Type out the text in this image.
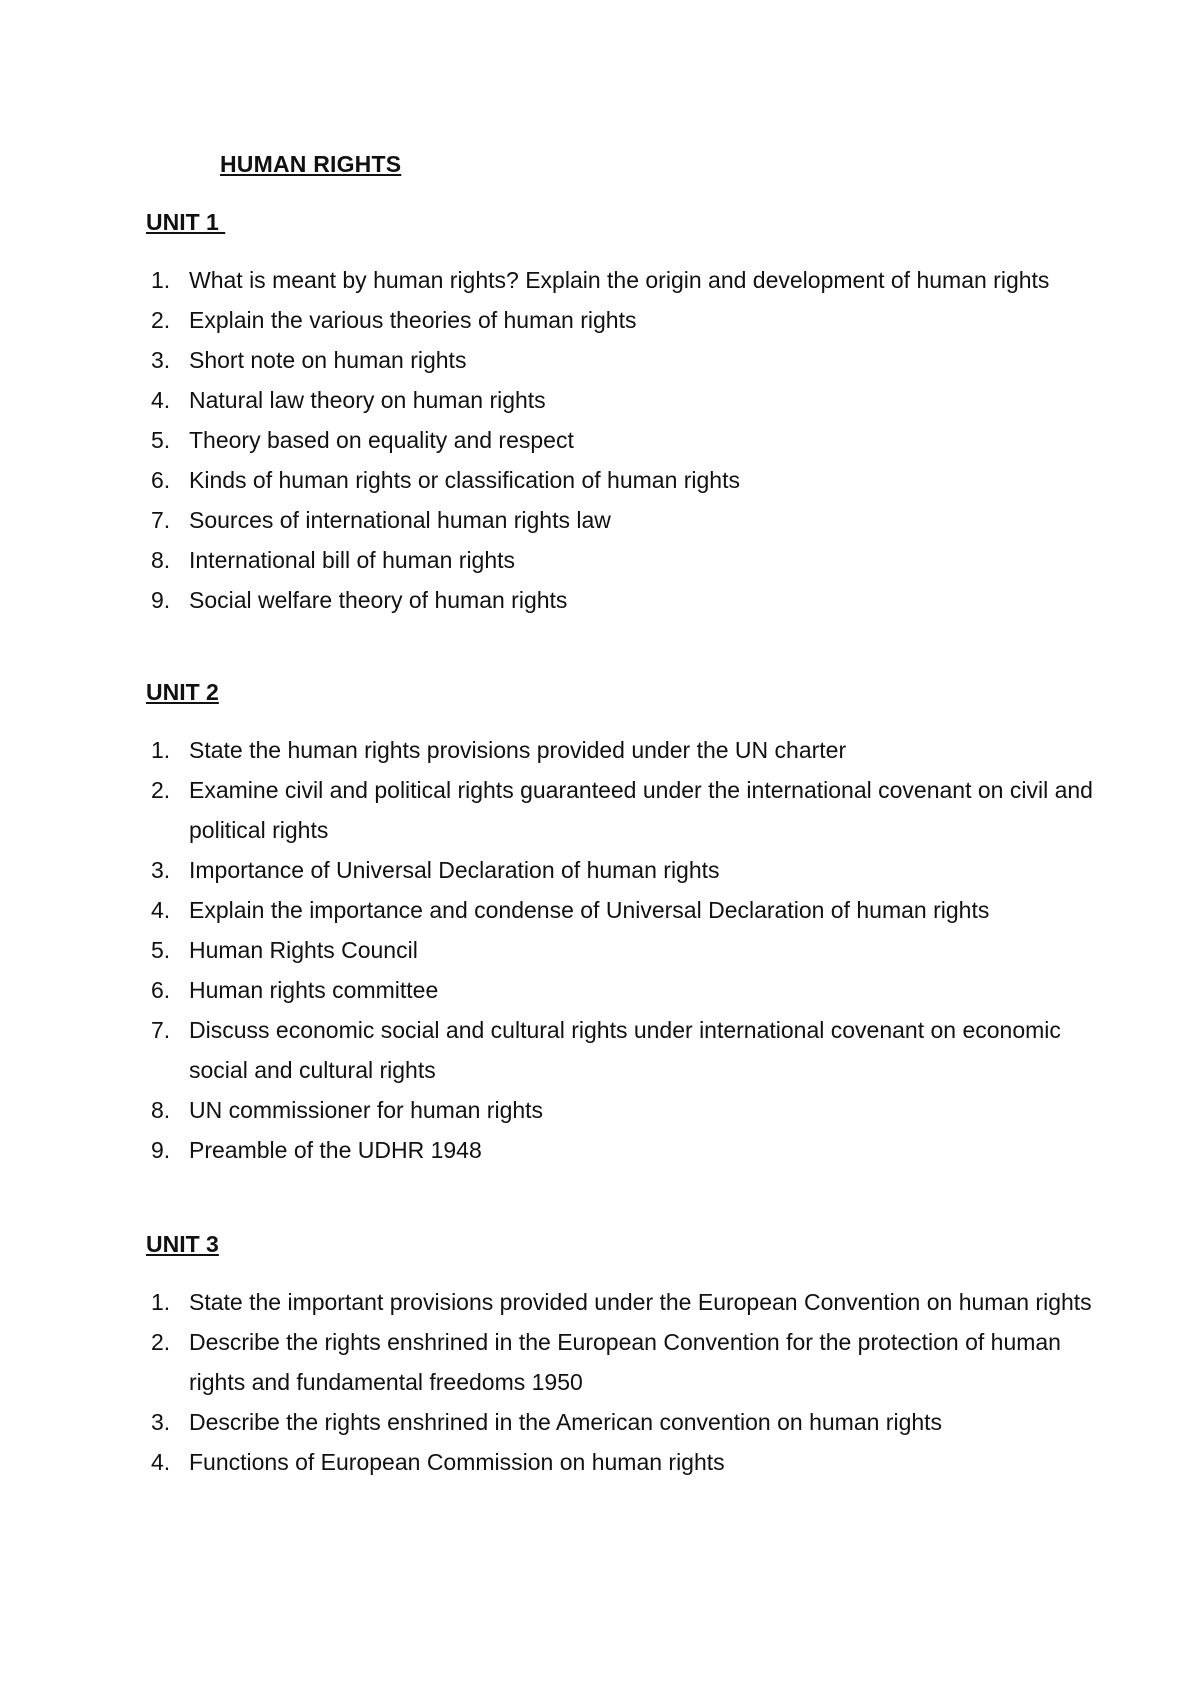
HUMAN RIGHTS
UNIT 1
1. What is meant by human rights? Explain the origin and development of human rights
2. Explain the various theories of human rights
3. Short note on human rights
4. Natural law theory on human rights
5. Theory based on equality and respect
6. Kinds of human rights or classification of human rights
7. Sources of international human rights law
8. International bill of human rights
9. Social welfare theory of human rights
UNIT 2
1. State the human rights provisions provided under the UN charter
2. Examine civil and political rights guaranteed under the international covenant on civil and political rights
3. Importance of Universal Declaration of human rights
4. Explain the importance and condense of Universal Declaration of human rights
5. Human Rights Council
6. Human rights committee
7. Discuss economic social and cultural rights under international covenant on economic social and cultural rights
8. UN commissioner for human rights
9. Preamble of the UDHR 1948
UNIT 3
1. State the important provisions provided under the European Convention on human rights
2. Describe the rights enshrined in the European Convention for the protection of human rights and fundamental freedoms 1950
3. Describe the rights enshrined in the American convention on human rights
4. Functions of European Commission on human rights
